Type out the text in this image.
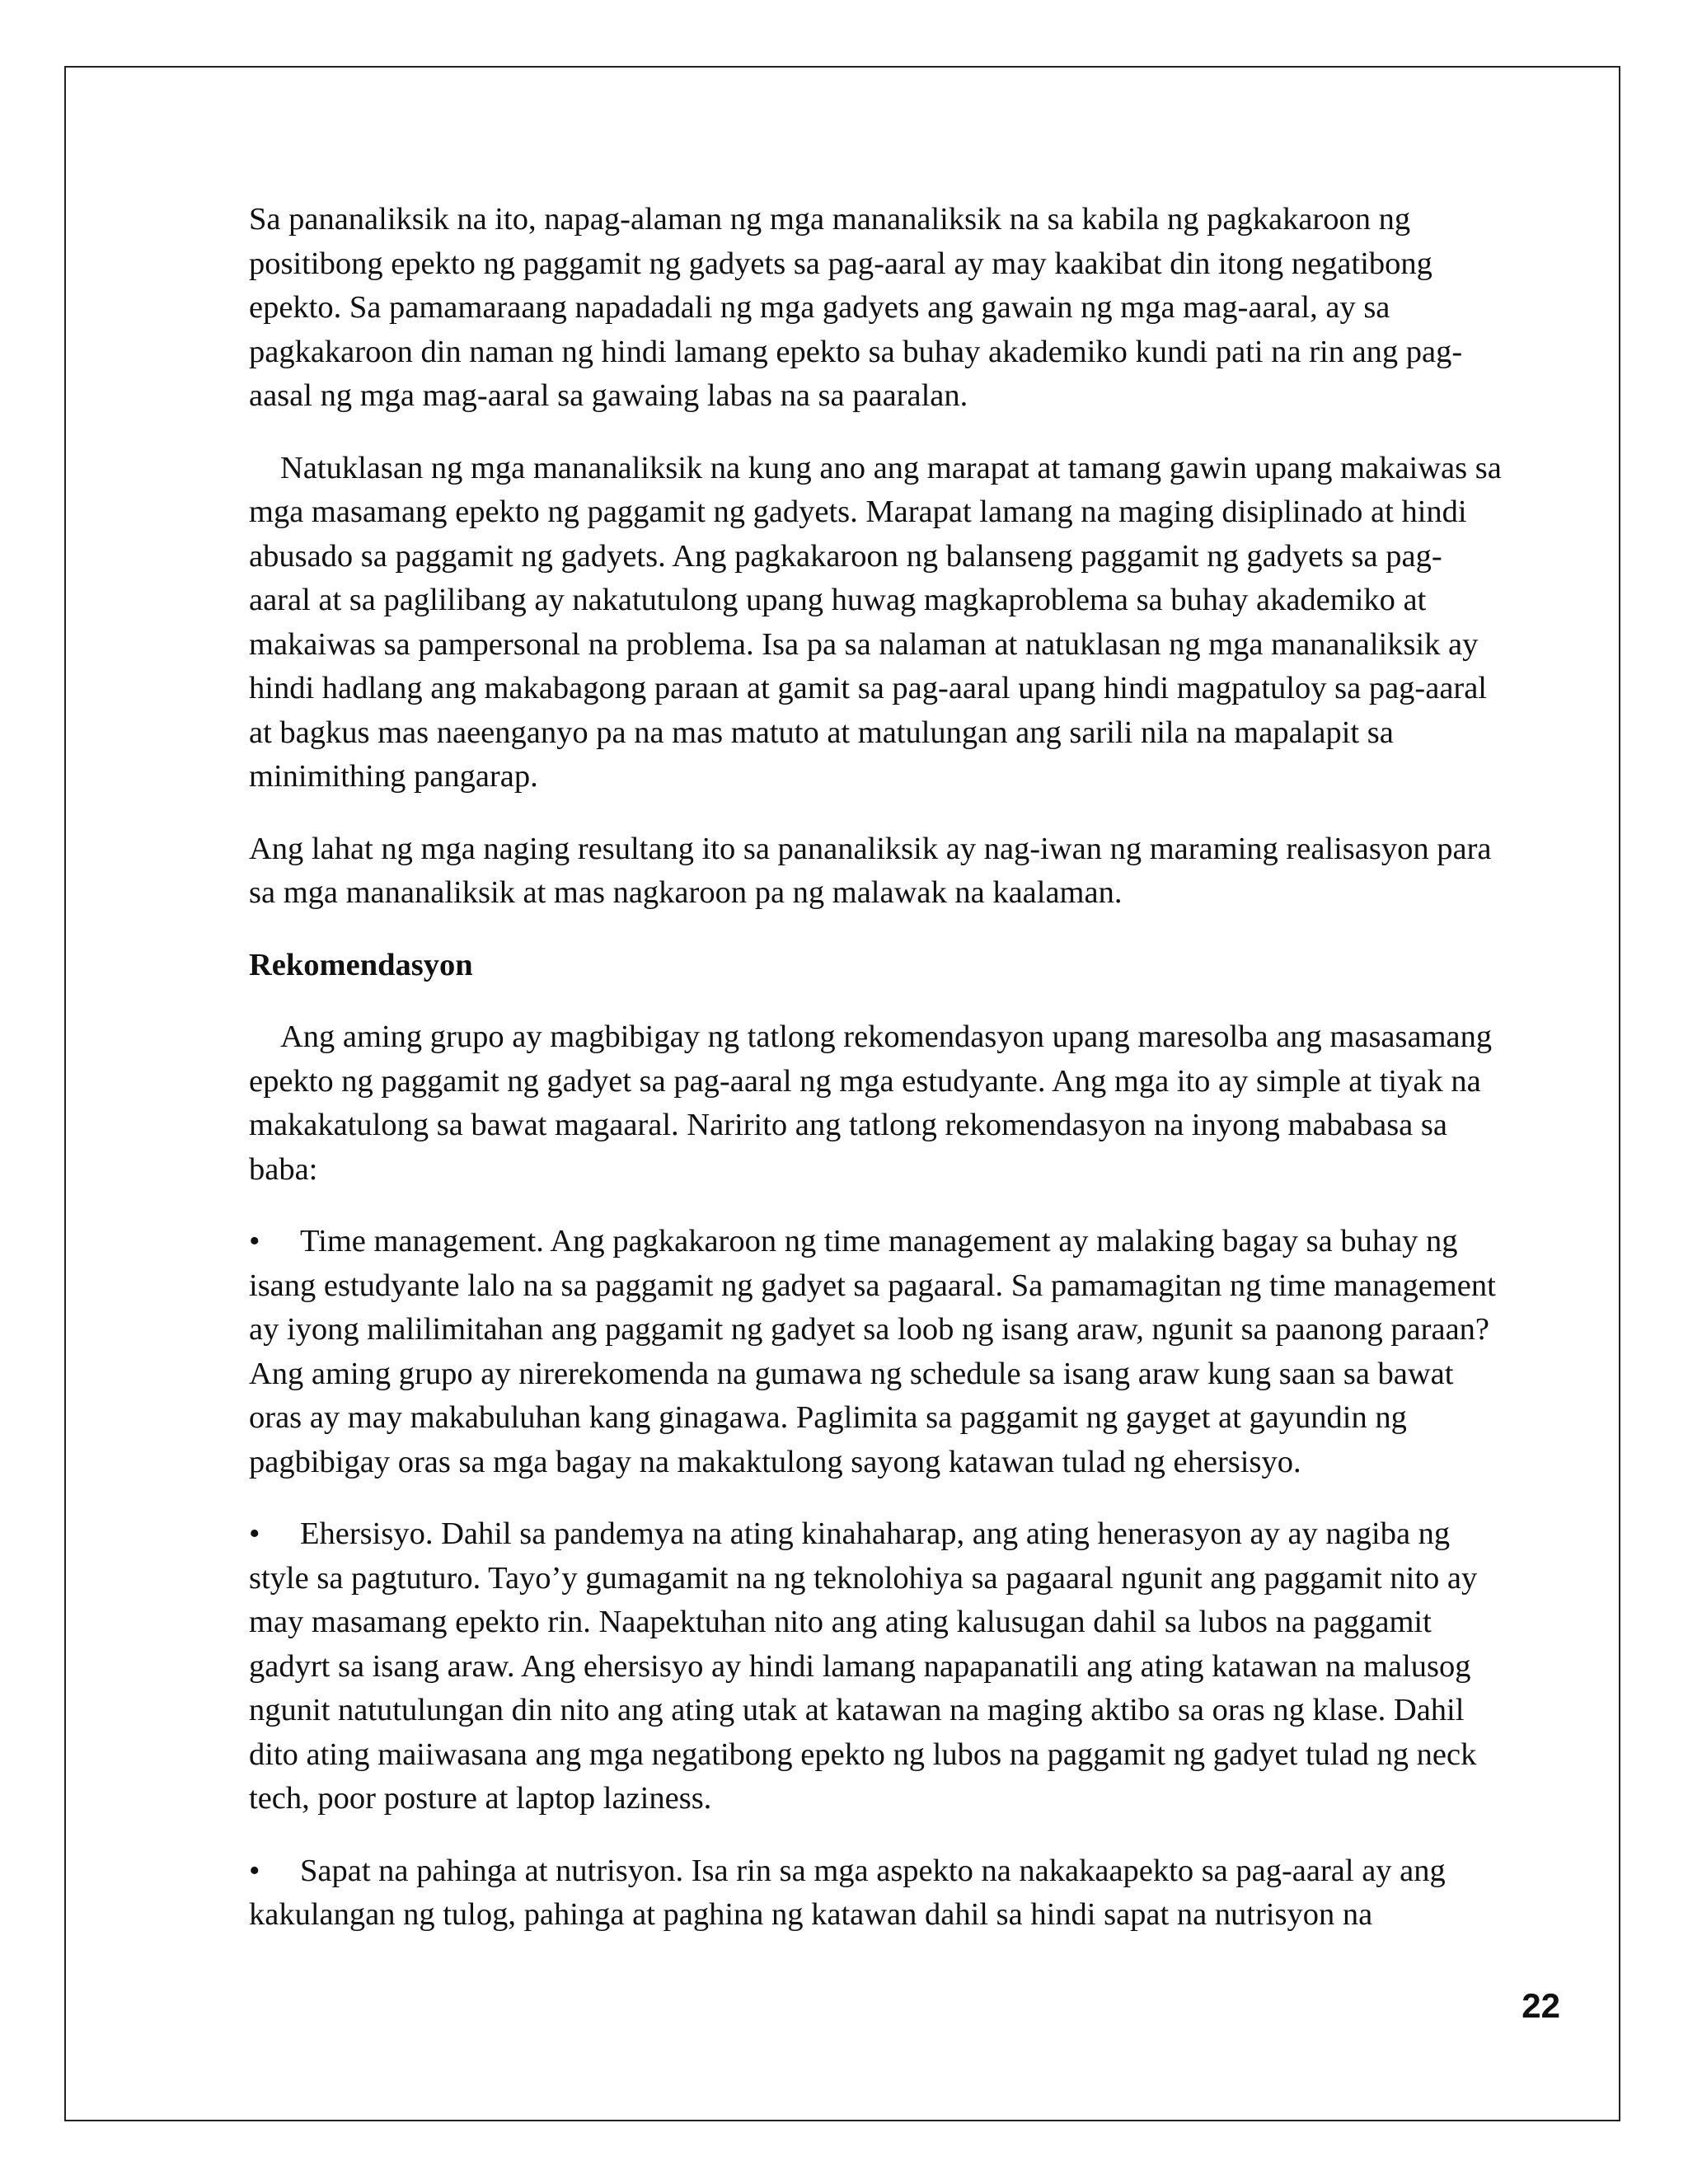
Sa pananaliksik na ito, napag-alaman ng mga mananaliksik na sa kabila ng pagkakaroon ng positibong epekto ng paggamit ng gadyets sa pag-aaral ay may kaakibat din itong negatibong epekto. Sa pamamaraang napadadali ng mga gadyets ang gawain ng mga mag-aaral, ay sa pagkakaroon din naman ng hindi lamang epekto sa buhay akademiko kundi pati na rin ang pag-aasal ng mga mag-aaral sa gawaing labas na sa paaralan.

Natuklasan ng mga mananaliksik na kung ano ang marapat at tamang gawin upang makaiwas sa mga masamang epekto ng paggamit ng gadyets. Marapat lamang na maging disiplinado at hindi abusado sa paggamit ng gadyets. Ang pagkakaroon ng balanseng paggamit ng gadyets sa pag-aaral at sa paglilibang ay nakatutulong upang huwag magkaproblema sa buhay akademiko at makaiwas sa pampersonal na problema. Isa pa sa nalaman at natuklasan ng mga mananaliksik ay hindi hadlang ang makabagong paraan at gamit sa pag-aaral upang hindi magpatuloy sa pag-aaral at bagkus mas naeenganyo pa na mas matuto at matulungan ang sarili nila na mapalapit sa minimithing pangarap.

Ang lahat ng mga naging resultang ito sa pananaliksik ay nag-iwan ng maraming realisasyon para sa mga mananaliksik at mas nagkaroon pa ng malawak na kaalaman.

Rekomendasyon

Ang aming grupo ay magbibigay ng tatlong rekomendasyon upang maresolba ang masasamang epekto ng paggamit ng gadyet sa pag-aaral ng mga estudyante. Ang mga ito ay simple at tiyak na makakatulong sa bawat magaaral. Naririto ang tatlong rekomendasyon na inyong mababasa sa baba:

• Time management. Ang pagkakaroon ng time management ay malaking bagay sa buhay ng isang estudyante lalo na sa paggamit ng gadyet sa pagaaral. Sa pamamagitan ng time management ay iyong malilimitahan ang paggamit ng gadyet sa loob ng isang araw, ngunit sa paanong paraan? Ang aming grupo ay nirerekomenda na gumawa ng schedule sa isang araw kung saan sa bawat oras ay may makabuluhan kang ginagawa. Paglimita sa paggamit ng gayget at gayundin ng pagbibigay oras sa mga bagay na makaktulong sayong katawan tulad ng ehersisyo.

• Ehersisyo. Dahil sa pandemya na ating kinahaharap, ang ating henerasyon ay ay nagiba ng style sa pagtuturo. Tayo’y gumagamit na ng teknolohiya sa pagaaral ngunit ang paggamit nito ay may masamang epekto rin. Naapektuhan nito ang ating kalusugan dahil sa lubos na paggamit gadyrt sa isang araw. Ang ehersisyo ay hindi lamang napapanatili ang ating katawan na malusog ngunit natutulungan din nito ang ating utak at katawan na maging aktibo sa oras ng klase. Dahil dito ating maiiwasana ang mga negatibong epekto ng lubos na paggamit ng gadyet tulad ng neck tech, poor posture at laptop laziness.

• Sapat na pahinga at nutrisyon. Isa rin sa mga aspekto na nakakaapekto sa pag-aaral ay ang kakulangan ng tulog, pahinga at paghina ng katawan dahil sa hindi sapat na nutrisyon na

22
